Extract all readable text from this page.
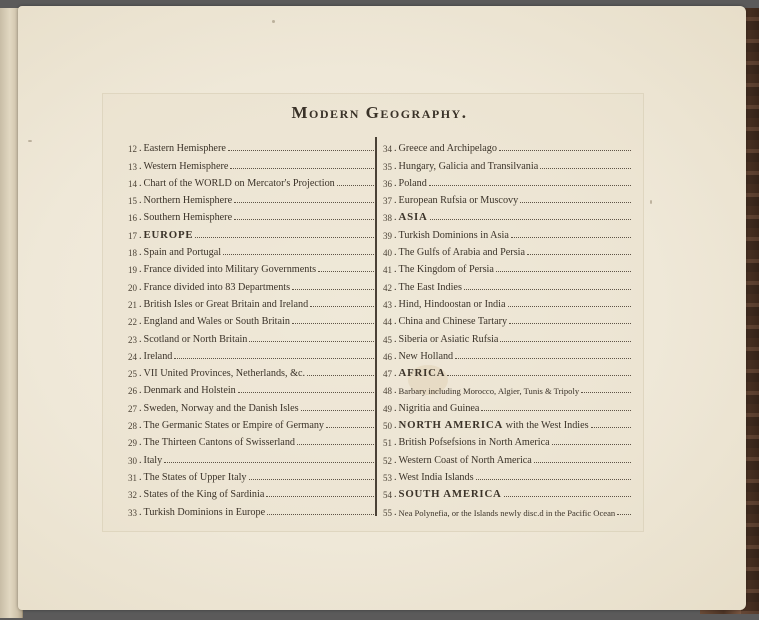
Modern Geography.
12 . Eastern Hemisphere
13 . Western Hemisphere
14 . Chart of the WORLD on Mercator's Projection
15 . Northern Hemisphere
16 . Southern Hemisphere
17 . EUROPE
18 . Spain and Portugal
19 . France divided into Military Governments
20 . France divided into 83 Departments
21 . British Isles or Great Britain and Ireland
22 . England and Wales or South Britain
23 . Scotland or North Britain
24 . Ireland
25 . VII United Provinces, Netherlands, &c.
26 . Denmark and Holstein
27 . Sweden, Norway and the Danish Isles
28 . The Germanic States or Empire of Germany
29 . The Thirteen Cantons of Swisserland
30 . Italy
31 . The States of Upper Italy
32 . States of the King of Sardinia
33 . Turkish Dominions in Europe
34 . Greece and Archipelago
35 . Hungary, Galicia and Transilvania
36 . Poland
37 . European Rufsia or Muscovy
38 . ASIA
39 . Turkish Dominions in Asia
40 . The Gulfs of Arabia and Persia
41 . The Kingdom of Persia
42 . The East Indies
43 . Hind, Hindoostan or India
44 . China and Chinese Tartary
45 . Siberia or Asiatic Rufsia
46 . New Holland
47 . AFRICA
48 . Barbary including Morocco, Algier, Tunis & Tripoly
49 . Nigritia and Guinea
50 . NORTH AMERICA with the West Indies
51 . British Pofsefsions in North America
52 . Western Coast of North America
53 . West India Islands
54 . SOUTH AMERICA
55 . Nea Polynefia, or the Islands newly disc.d in the Pacific Ocean
